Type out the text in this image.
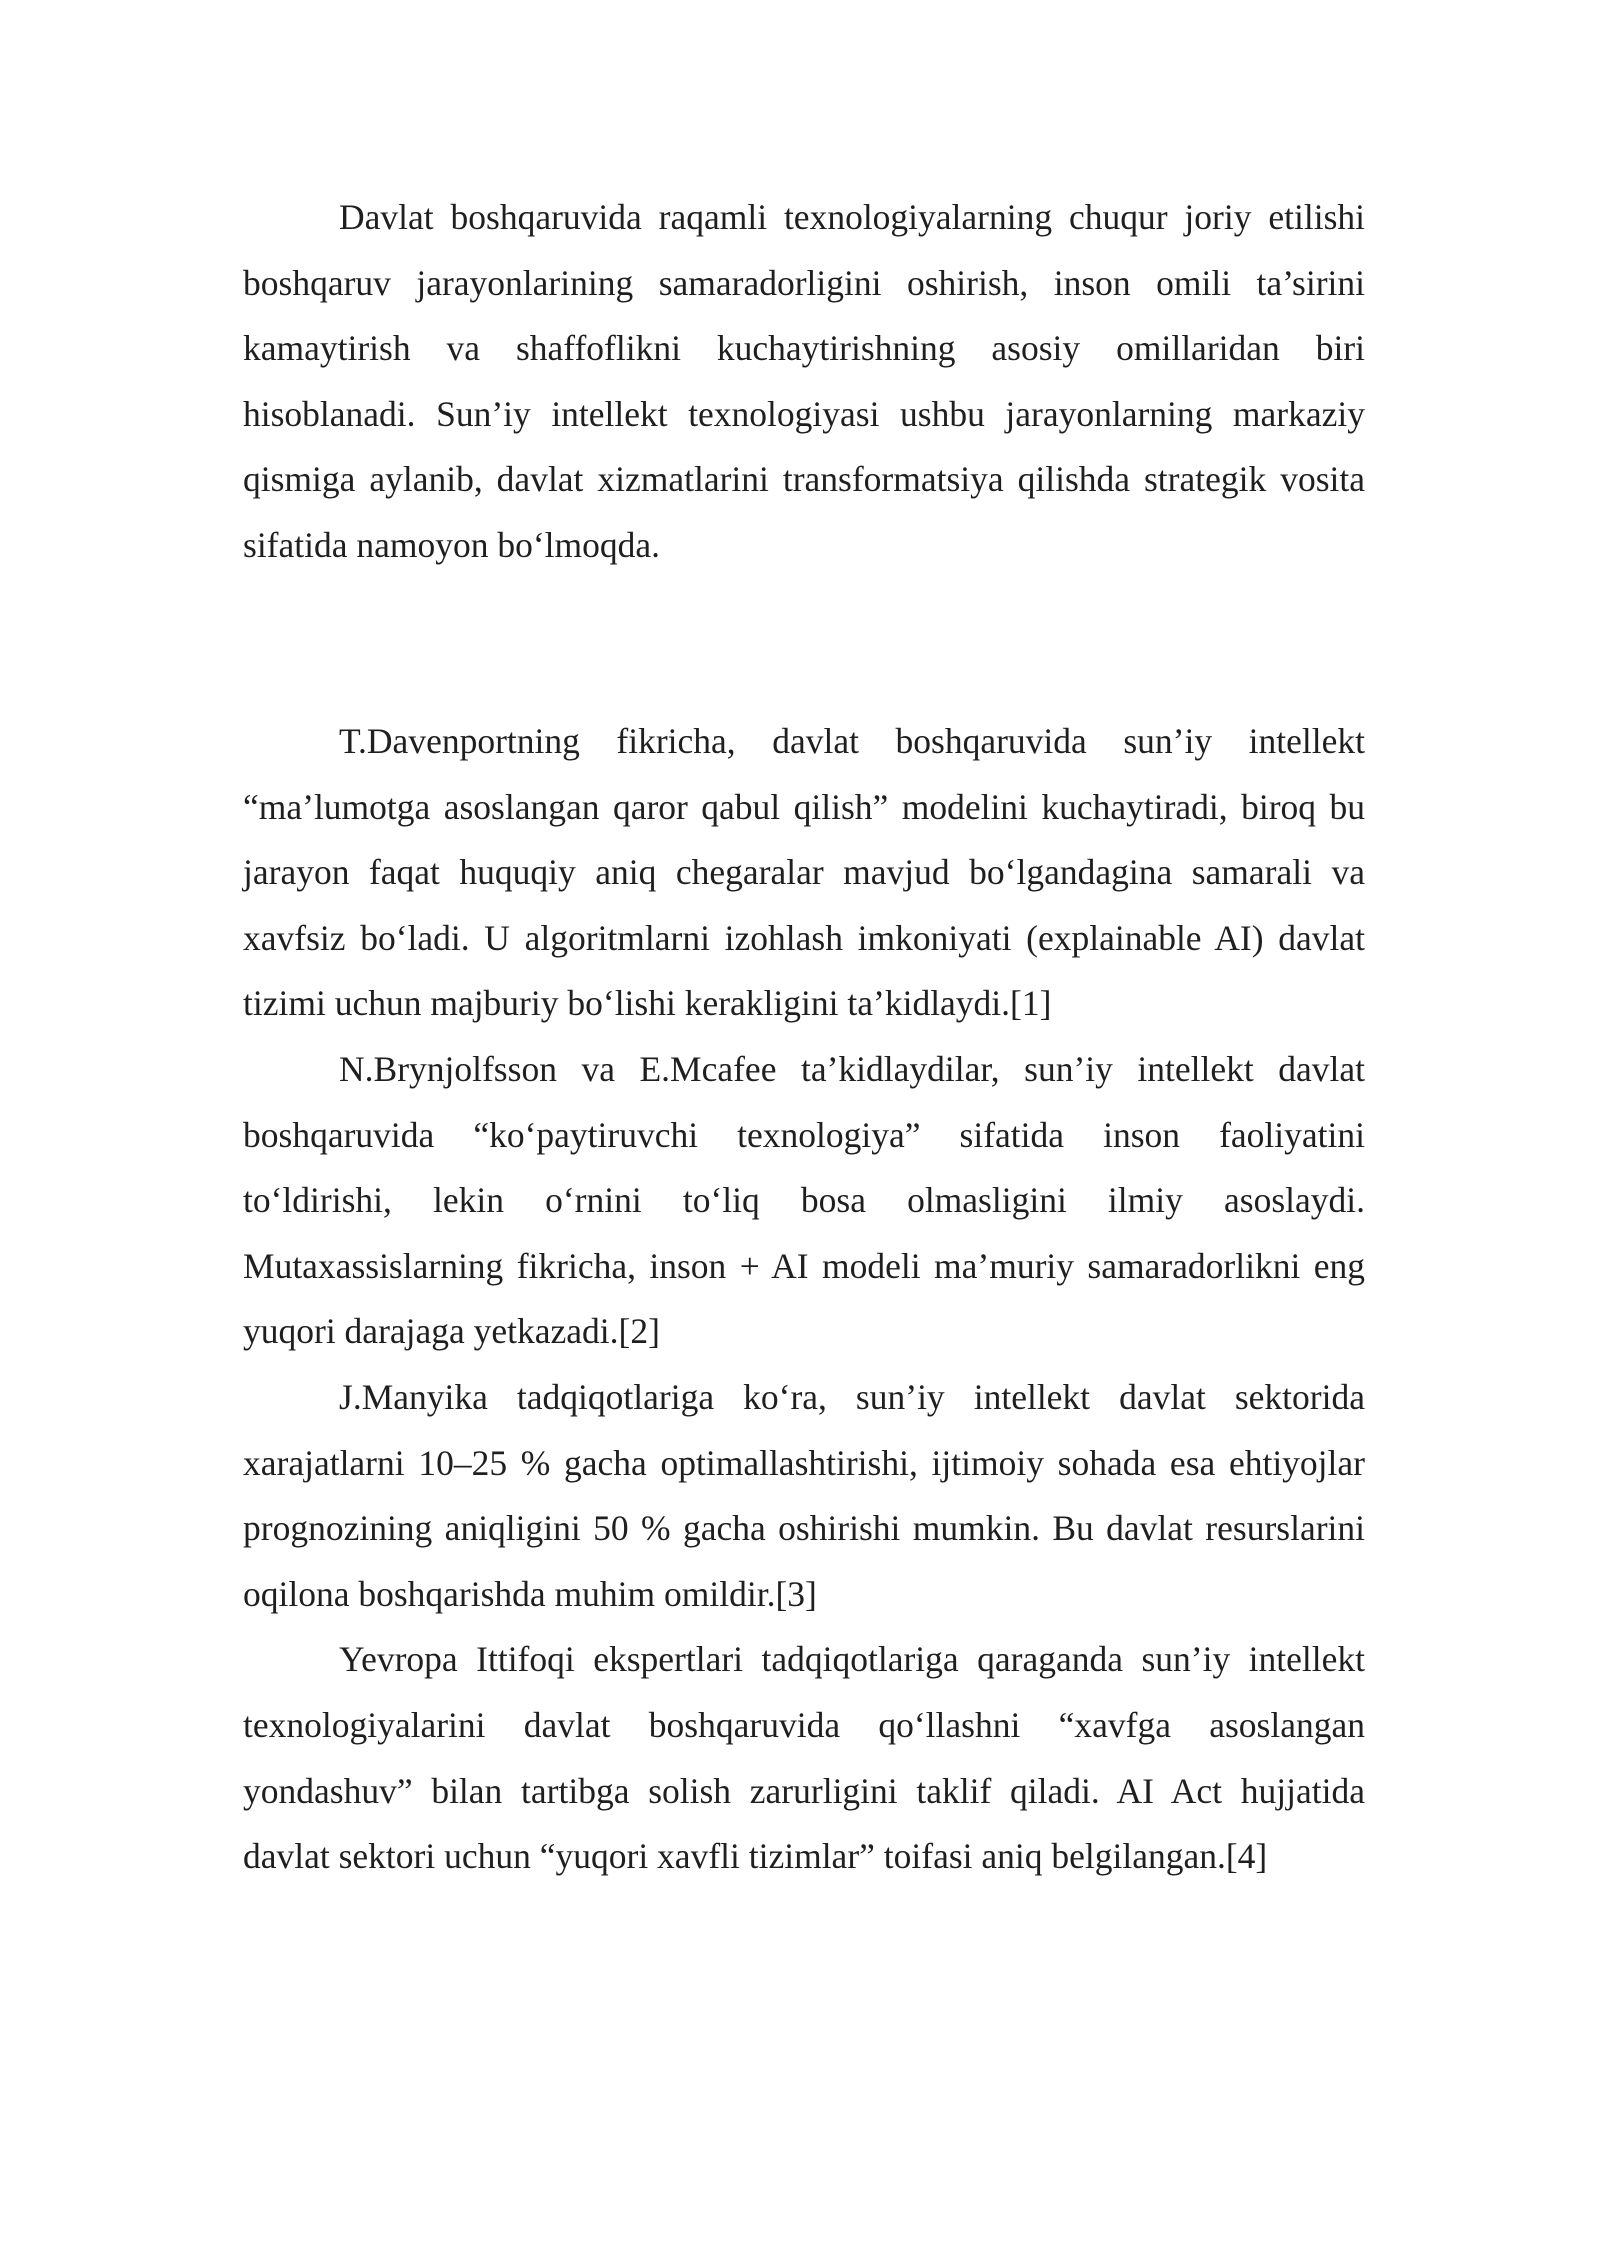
Davlat boshqaruvida raqamli texnologiyalarning chuqur joriy etilishi boshqaruv jarayonlarining samaradorligini oshirish, inson omili ta’sirini kamaytirish va shaffoflikni kuchaytirishning asosiy omillaridan biri hisoblanadi. Sun’iy intellekt texnologiyasi ushbu jarayonlarning markaziy qismiga aylanib, davlat xizmatlarini transformatsiya qilishda strategik vosita sifatida namoyon bo‘lmoqda.

T.Davenportning fikricha, davlat boshqaruvida sun’iy intellekt “ma’lumotga asoslangan qaror qabul qilish” modelini kuchaytiradi, biroq bu jarayon faqat huquqiy aniq chegaralar mavjud bo‘lgandagina samarali va xavfsiz bo‘ladi. U algoritmlarni izohlash imkoniyati (explainable AI) davlat tizimi uchun majburiy bo‘lishi kerakligini ta’kidlaydi.[1]

N.Brynjolfsson va E.Mcafee ta’kidlaydilar, sun’iy intellekt davlat boshqaruvida “ko‘paytiruvchi texnologiya” sifatida inson faoliyatini to‘ldirishi, lekin o‘rnini to‘liq bosa olmasligini ilmiy asoslaydi. Mutaxassislarning fikricha, inson + AI modeli ma’muriy samaradorlikni eng yuqori darajaga yetkazadi.[2]

J.Manyika tadqiqotlariga ko‘ra, sun’iy intellekt davlat sektorida xarajatlarni 10–25 % gacha optimallashtirishi, ijtimoiy sohada esa ehtiyojlar prognozining aniqligini 50 % gacha oshirishi mumkin. Bu davlat resurslarini oqilona boshqarishda muhim omildir.[3]

Yevropa Ittifoqi ekspertlari tadqiqotlariga qaraganda sun’iy intellekt texnologiyalarini davlat boshqaruvida qo‘llashni “xavfga asoslangan yondashuv” bilan tartibga solish zarurligini taklif qiladi. AI Act hujjatida davlat sektori uchun “yuqori xavfli tizimlar” toifasi aniq belgilangan.[4]
